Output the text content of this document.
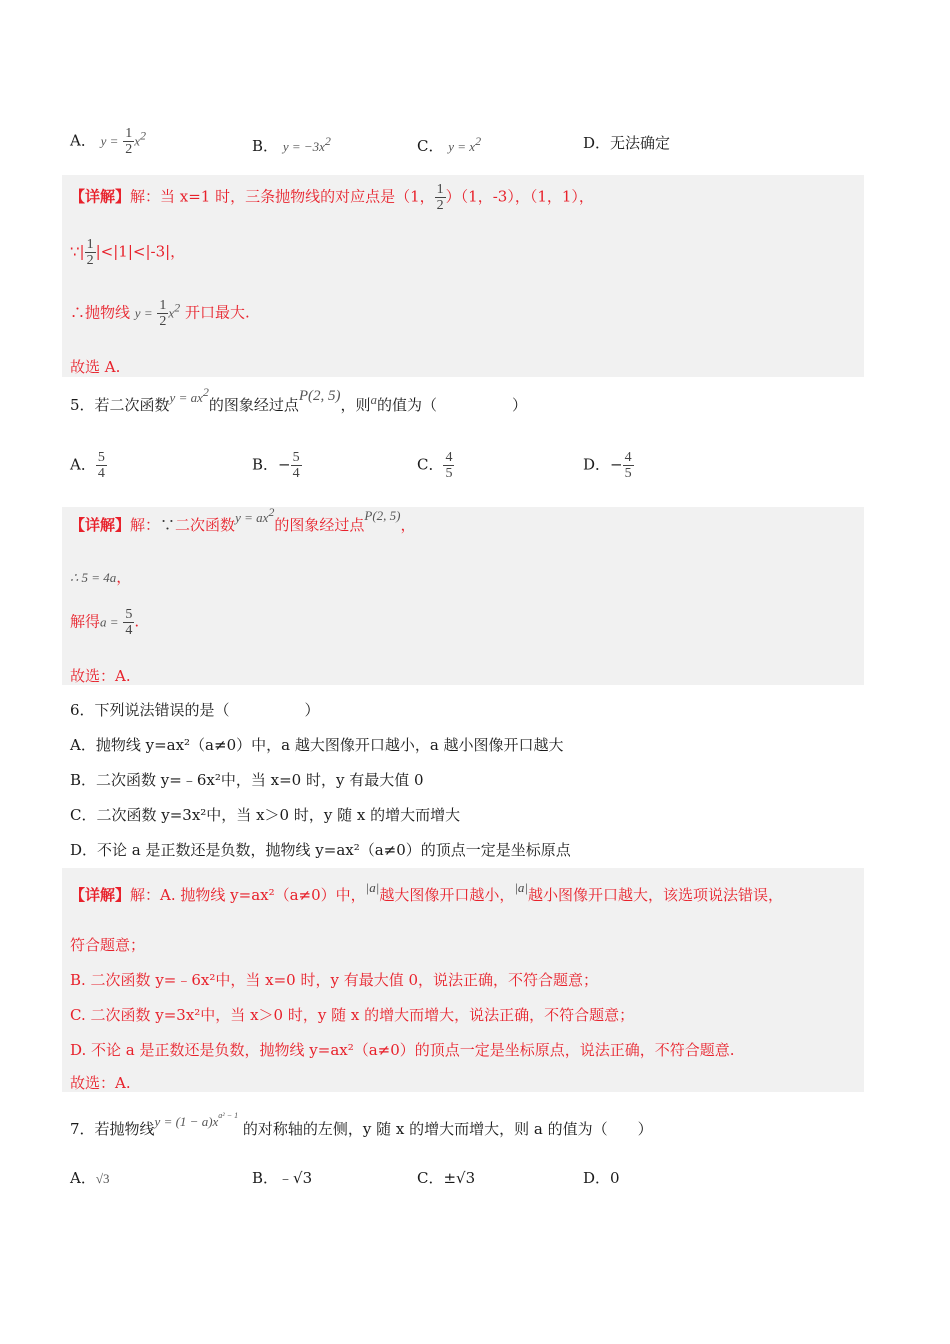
A． $y = \frac{1}{2} x^2$
B． $y = -3x^2$	C． $y = x^2$	D．无法确定
【详解】解：当 x=1 时，三条抛物线的对应点是（1， $\frac{1}{2} )(1$，-3），（1，1），
∵| $\frac{1}{2} |<|1|<|-3|$，
∴抛物线 $y = \frac{1}{2} x^2$ 开口最大.
故选 A.
5．若二次函数$y = ax^2$的图象经过点P(2, 5)，则a的值为（　　　　　）
A． $\frac{5}{4}$	B．− $\frac{5}{4}$	C． $\frac{4}{5}$	D．− $\frac{4}{5}$
【详解】解：∵二次函数$y = ax^2$的图象经过点P(2, 5)，
∴ 5 = 4a，
解得$a = \frac{5}{4}$ .
故选：A.
6．下列说法错误的是（　　　　　）
A．抛物线 y=ax²（a≠0）中，a 越大图像开口越小，a 越小图像开口越大
B．二次函数 y=﹣6x²中，当 x=0 时，y 有最大值 0
C．二次函数 y=3x²中，当 x＞0 时，y 随 x 的增大而增大
D．不论 a 是正数还是负数，抛物线 y=ax²（a≠0）的顶点一定是坐标原点
【详解】解：A. 抛物线 y=ax²（a≠0）中，|a|越大图像开口越小，|a|越小图像开口越大，该选项说法错误，
符合题意；
B. 二次函数 y=﹣6x²中，当 x=0 时，y 有最大值 0，说法正确，不符合题意；
C. 二次函数 y=3x²中，当 x＞0 时，y 随 x 的增大而增大，说法正确，不符合题意；
D. 不论 a 是正数还是负数，抛物线 y=ax²（a≠0）的顶点一定是坐标原点，说法正确，不符合题意.
故选：A.
7．若抛物线$y = (1 - a)x^{a^2 - 1}$ 的对称轴的左侧，y 随 x 的增大而增大，则 a 的值为（　　）
A．√3	B．﹣√3	C．±√3	D．0
